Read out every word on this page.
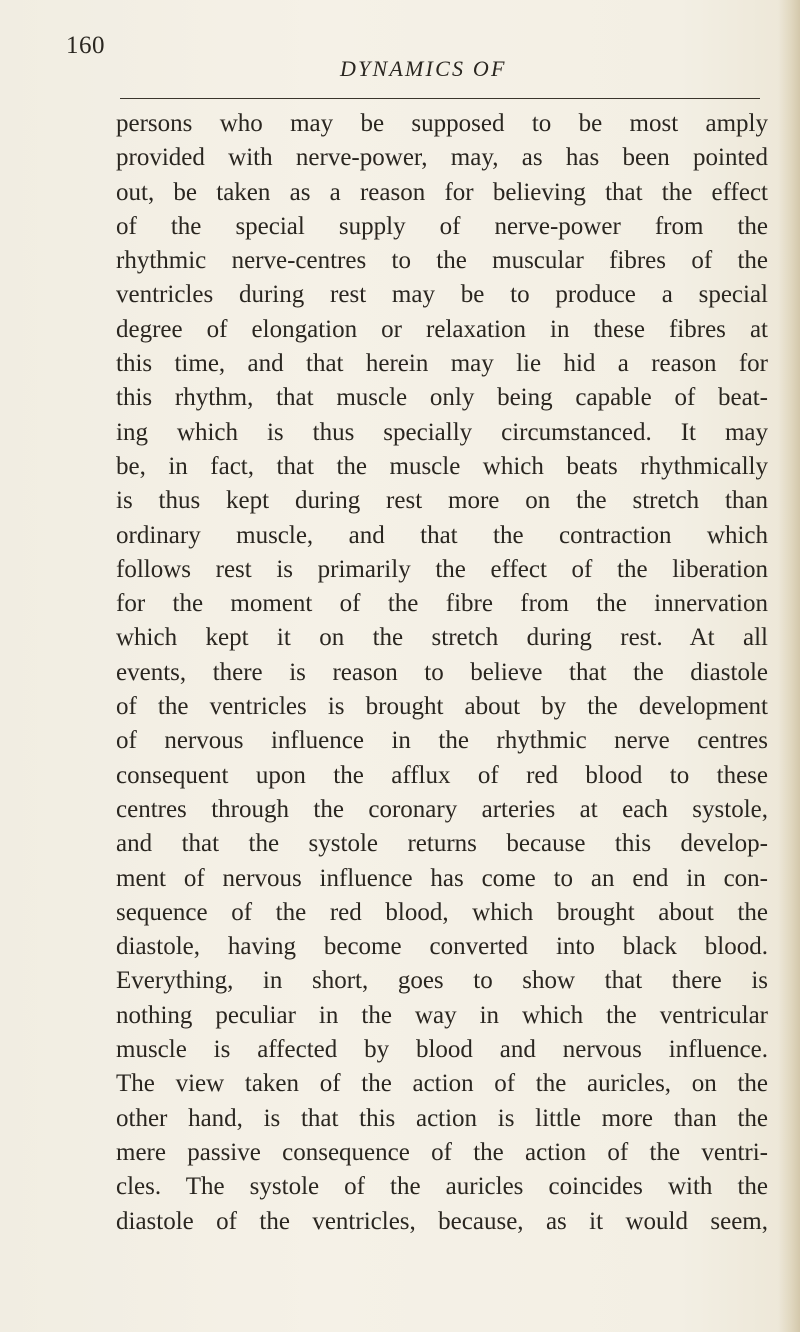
160
DYNAMICS OF
persons who may be supposed to be most amply
provided with nerve-power, may, as has been pointed
out, be taken as a reason for believing that the effect
of the special supply of nerve-power from the
rhythmic nerve-centres to the muscular fibres of the
ventricles during rest may be to produce a special
degree of elongation or relaxation in these fibres at
this time, and that herein may lie hid a reason for
this rhythm, that muscle only being capable of beat-
ing which is thus specially circumstanced. It may
be, in fact, that the muscle which beats rhythmically
is thus kept during rest more on the stretch than
ordinary muscle, and that the contraction which
follows rest is primarily the effect of the liberation
for the moment of the fibre from the innervation
which kept it on the stretch during rest. At all
events, there is reason to believe that the diastole
of the ventricles is brought about by the development
of nervous influence in the rhythmic nerve centres
consequent upon the afflux of red blood to these
centres through the coronary arteries at each systole,
and that the systole returns because this develop-
ment of nervous influence has come to an end in con-
sequence of the red blood, which brought about the
diastole, having become converted into black blood.
Everything, in short, goes to show that there is
nothing peculiar in the way in which the ventricular
muscle is affected by blood and nervous influence.
The view taken of the action of the auricles, on the
other hand, is that this action is little more than the
mere passive consequence of the action of the ventri-
cles. The systole of the auricles coincides with the
diastole of the ventricles, because, as it would seem,
